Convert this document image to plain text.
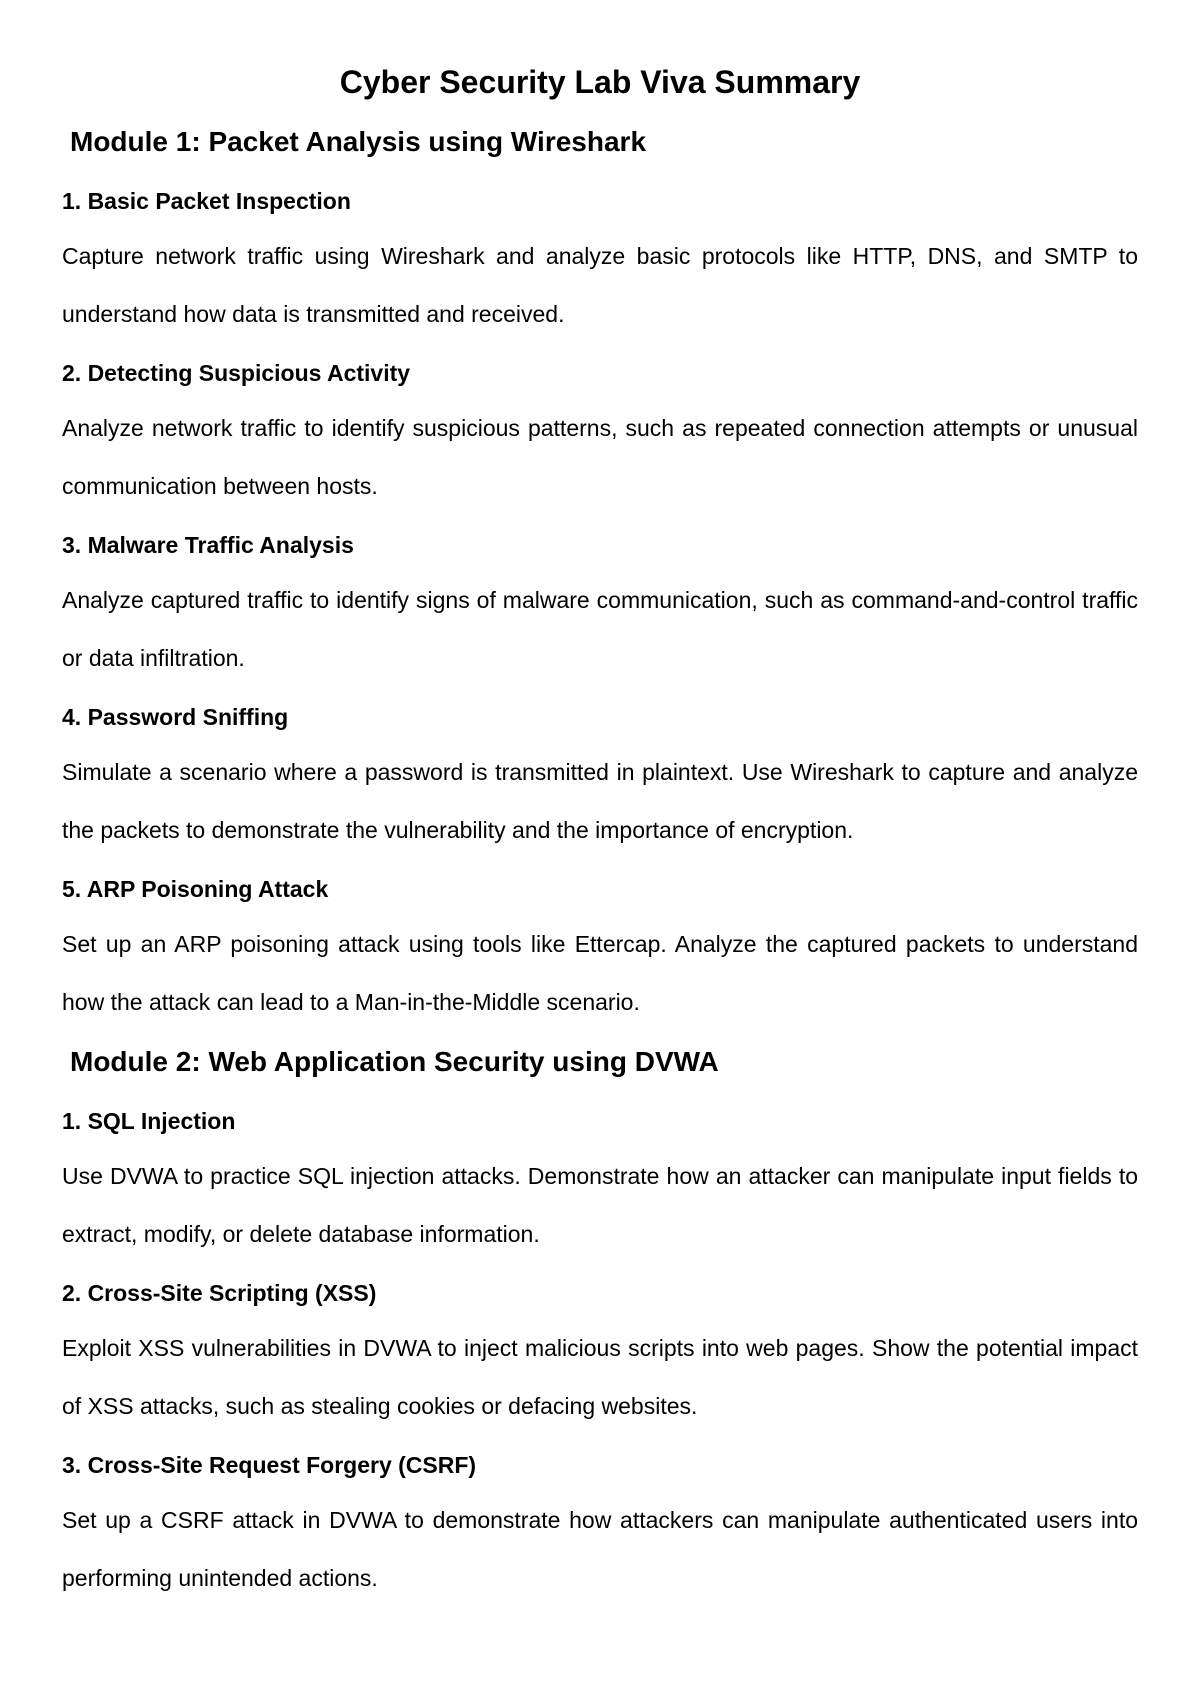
Cyber Security Lab Viva Summary
Module 1: Packet Analysis using Wireshark
1. Basic Packet Inspection

Capture network traffic using Wireshark and analyze basic protocols like HTTP, DNS, and SMTP to understand how data is transmitted and received.

2. Detecting Suspicious Activity

Analyze network traffic to identify suspicious patterns, such as repeated connection attempts or unusual communication between hosts.

3. Malware Traffic Analysis

Analyze captured traffic to identify signs of malware communication, such as command-and-control traffic or data infiltration.

4. Password Sniffing

Simulate a scenario where a password is transmitted in plaintext. Use Wireshark to capture and analyze the packets to demonstrate the vulnerability and the importance of encryption.

5. ARP Poisoning Attack

Set up an ARP poisoning attack using tools like Ettercap. Analyze the captured packets to understand how the attack can lead to a Man-in-the-Middle scenario.

Module 2: Web Application Security using DVWA
1. SQL Injection

Use DVWA to practice SQL injection attacks. Demonstrate how an attacker can manipulate input fields to extract, modify, or delete database information.

2. Cross-Site Scripting (XSS)

Exploit XSS vulnerabilities in DVWA to inject malicious scripts into web pages. Show the potential impact of XSS attacks, such as stealing cookies or defacing websites.

3. Cross-Site Request Forgery (CSRF)

Set up a CSRF attack in DVWA to demonstrate how attackers can manipulate authenticated users into performing unintended actions.
